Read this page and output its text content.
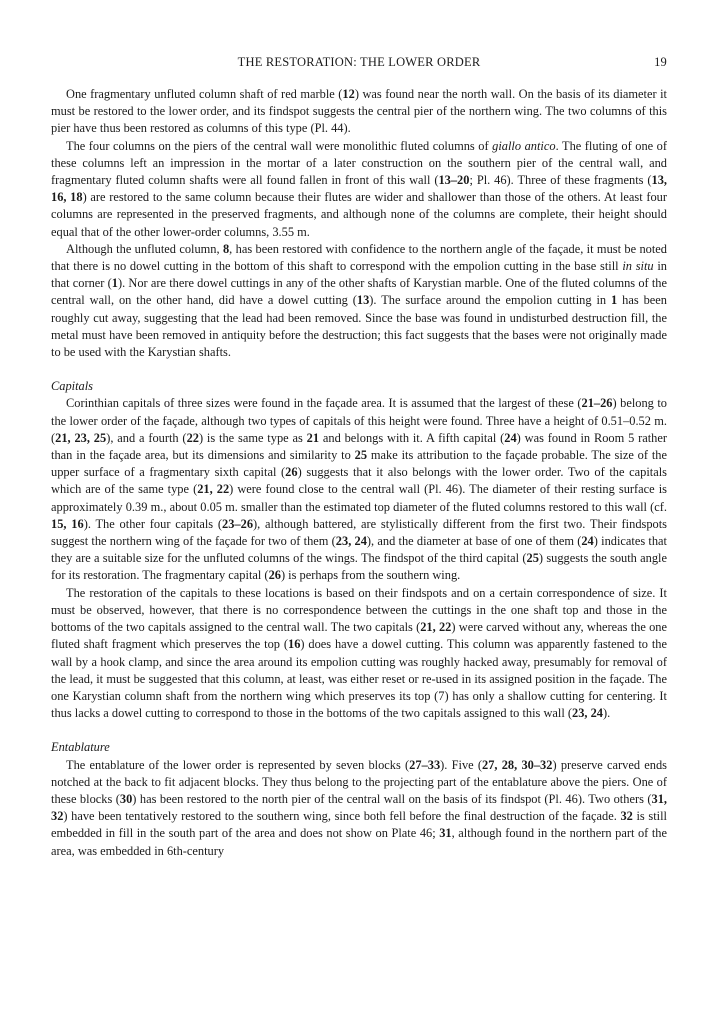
THE RESTORATION: THE LOWER ORDER	19

One fragmentary unfluted column shaft of red marble (12) was found near the north wall. On the basis of its diameter it must be restored to the lower order, and its findspot suggests the central pier of the northern wing. The two columns of this pier have thus been restored as columns of this type (Pl. 44).

The four columns on the piers of the central wall were monolithic fluted columns of giallo antico. The fluting of one of these columns left an impression in the mortar of a later construction on the southern pier of the central wall, and fragmentary fluted column shafts were all found fallen in front of this wall (13–20; Pl. 46). Three of these fragments (13, 16, 18) are restored to the same column because their flutes are wider and shallower than those of the others. At least four columns are represented in the preserved fragments, and although none of the columns are complete, their height should equal that of the other lower-order columns, 3.55 m.

Although the unfluted column, 8, has been restored with confidence to the northern angle of the façade, it must be noted that there is no dowel cutting in the bottom of this shaft to correspond with the empolion cutting in the base still in situ in that corner (1). Nor are there dowel cuttings in any of the other shafts of Karystian marble. One of the fluted columns of the central wall, on the other hand, did have a dowel cutting (13). The surface around the empolion cutting in 1 has been roughly cut away, suggesting that the lead had been removed. Since the base was found in undisturbed destruction fill, the metal must have been removed in antiquity before the destruction; this fact suggests that the bases were not originally made to be used with the Karystian shafts.

Capitals

Corinthian capitals of three sizes were found in the façade area. It is assumed that the largest of these (21–26) belong to the lower order of the façade, although two types of capitals of this height were found. Three have a height of 0.51–0.52 m. (21, 23, 25), and a fourth (22) is the same type as 21 and belongs with it. A fifth capital (24) was found in Room 5 rather than in the façade area, but its dimensions and similarity to 25 make its attribution to the façade probable. The size of the upper surface of a fragmentary sixth capital (26) suggests that it also belongs with the lower order. Two of the capitals which are of the same type (21, 22) were found close to the central wall (Pl. 46). The diameter of their resting surface is approximately 0.39 m., about 0.05 m. smaller than the estimated top diameter of the fluted columns restored to this wall (cf. 15, 16). The other four capitals (23–26), although battered, are stylistically different from the first two. Their findspots suggest the northern wing of the façade for two of them (23, 24), and the diameter at base of one of them (24) indicates that they are a suitable size for the unfluted columns of the wings. The findspot of the third capital (25) suggests the south angle for its restoration. The fragmentary capital (26) is perhaps from the southern wing.

The restoration of the capitals to these locations is based on their findspots and on a certain correspondence of size. It must be observed, however, that there is no correspondence between the cuttings in the one shaft top and those in the bottoms of the two capitals assigned to the central wall. The two capitals (21, 22) were carved without any, whereas the one fluted shaft fragment which preserves the top (16) does have a dowel cutting. This column was apparently fastened to the wall by a hook clamp, and since the area around its empolion cutting was roughly hacked away, presumably for removal of the lead, it must be suggested that this column, at least, was either reset or re-used in its assigned position in the façade. The one Karystian column shaft from the northern wing which preserves its top (7) has only a shallow cutting for centering. It thus lacks a dowel cutting to correspond to those in the bottoms of the two capitals assigned to this wall (23, 24).

Entablature

The entablature of the lower order is represented by seven blocks (27–33). Five (27, 28, 30–32) preserve carved ends notched at the back to fit adjacent blocks. They thus belong to the projecting part of the entablature above the piers. One of these blocks (30) has been restored to the north pier of the central wall on the basis of its findspot (Pl. 46). Two others (31, 32) have been tentatively restored to the southern wing, since both fell before the final destruction of the façade. 32 is still embedded in fill in the south part of the area and does not show on Plate 46; 31, although found in the northern part of the area, was embedded in 6th-century
